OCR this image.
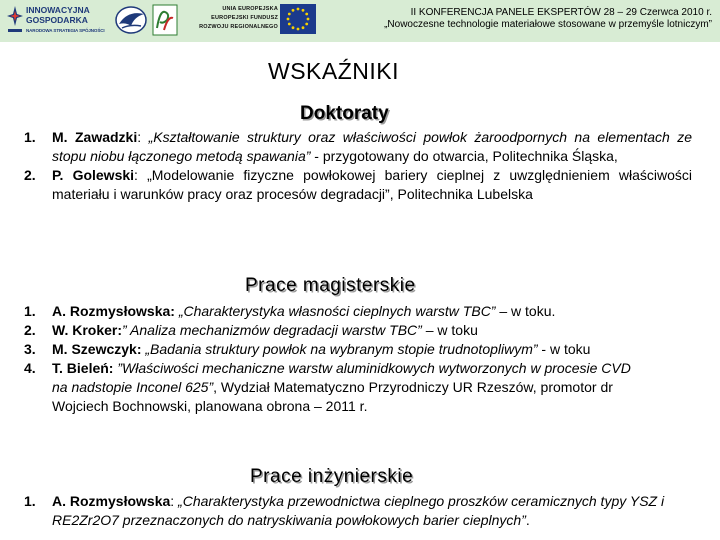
INNOWACYJNA
GOSPODARKA
NARODOWA STRATEGIA SPÓJNOŚCI
UNIA EUROPEJSKA
EUROPEJSKI FUNDUSZ
ROZWOJU REGIONALNEGO
II KONFERENCJA PANELE EKSPERTÓW 28 – 29 Czerwca 2010 r.
„Nowoczesne technologie materiałowe stosowane w przemyśle lotniczym”
WSKAŹNIKI
Doktoraty
1. M. Zawadzki: „Kształtowanie struktury oraz właściwości powłok żaroodpornych na elementach ze stopu niobu łączonego metodą spawania” - przygotowany do otwarcia, Politechnika Śląska,
2. P. Golewski: „Modelowanie fizyczne powłokowej bariery cieplnej z uwzględnieniem właściwości materiału i warunków pracy oraz procesów degradacji”, Politechnika Lubelska
Prace magisterskie
1. A. Rozmysłowska: „Charakterystyka własności cieplnych warstw TBC” – w toku.
2. W. Kroker:” Analiza mechanizmów degradacji warstw TBC” – w toku
3. M. Szewczyk: „Badania struktury powłok na wybranym stopie trudnotopliwym” - w toku
4. T. Bieleń: ”Właściwości mechaniczne warstw aluminidkowych wytworzonych w procesie CVD na nadstopie Inconel 625”, Wydział Matematyczno Przyrodniczy UR Rzeszów, promotor dr Wojciech Bochnowski, planowana obrona – 2011 r.
Prace inżynierskie
1. A. Rozmysłowska: „Charakterystyka przewodnictwa cieplnego proszków ceramicznych typy YSZ i RE2Zr2O7 przeznaczonych do natryskiwania powłokowych barier cieplnych”.
